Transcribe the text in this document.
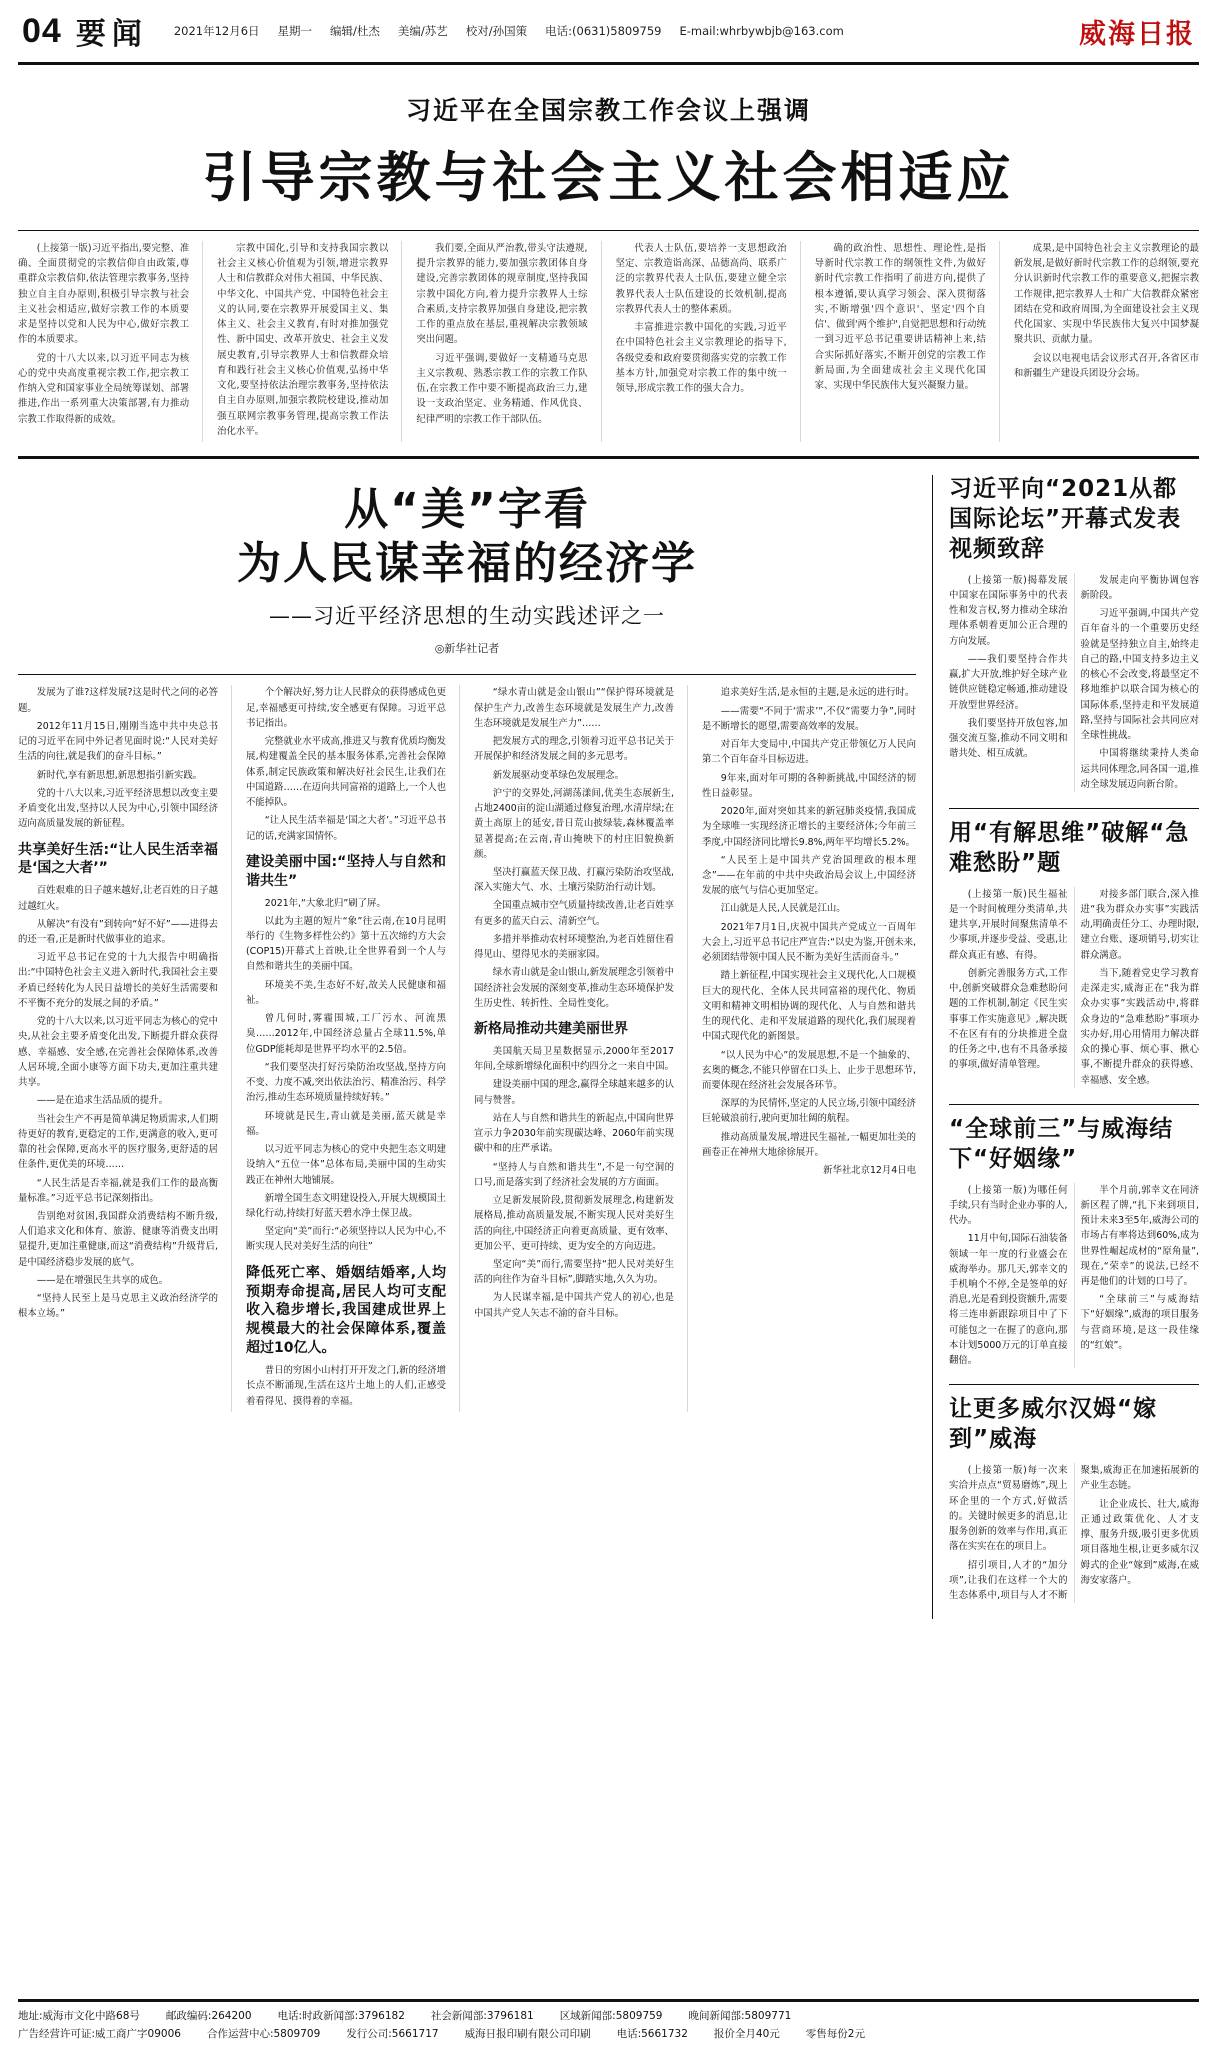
04 要闻 2021年12月6日 星期一 编辑/杜杰 美编/苏艺 校对/孙国策 电话:(0631)5809759 E-mail:whrbywbjb@163.com	威海日报
习近平在全国宗教工作会议上强调
引导宗教与社会主义社会相适应

(上接第一版)习近平指出,要完整、准确、全面贯彻党的宗教信仰自由政策,尊重群众宗教信仰,依法管理宗教事务,坚持独立自主自办原则,积极引导宗教与社会主义社会相适应,做好宗教工作的本质要求是坚持以党和人民为中心,做好宗教工作的本质要求。

党的十八大以来,以习近平同志为核心的党中央高度重视宗教工作,把宗教工作纳入党和国家事业全局统筹谋划、部署推进,作出一系列重大决策部署,有力推动宗教工作取得新的成效。

宗教中国化,引导和支持我国宗教以社会主义核心价值观为引领,增进宗教界人士和信教群众对伟大祖国、中华民族、中华文化、中国共产党、中国特色社会主义的认同,要在宗教界开展爱国主义、集体主义、社会主义教育,有时对推加强党性、新中国史、改革开放史、社会主义发展史教育,引导宗教界人士和信教群众培育和践行社会主义核心价值观,弘扬中华文化,要坚持依法治理宗教事务,坚持依法自主自办原则,加强宗教院校建设,推动加强互联网宗教事务管理,提高宗教工作法治化水平。

我们要,全面从严治教,带头守法遵规,提升宗教界的能力,要加强宗教团体自身建设,完善宗教团体的规章制度,坚持我国宗教中国化方向,着力提升宗教界人士综合素质,支持宗教界加强自身建设,把宗教工作的重点放在基层,重视解决宗教领域突出问题。

习近平强调,要做好一支精通马克思主义宗教观、熟悉宗教工作的宗教工作队伍,在宗教工作中要不断提高政治三力,建设一支政治坚定、业务精通、作风优良、纪律严明的宗教工作干部队伍。

代表人士队伍,要培养一支思想政治坚定、宗教造诣高深、品德高尚、联系广泛的宗教界代表人士队伍,要建立健全宗教界代表人士队伍建设的长效机制,提高宗教界代表人士的整体素质。

丰富推进宗教中国化的实践,习近平在中国特色社会主义宗教理论的指导下,各级党委和政府要贯彻落实党的宗教工作基本方针,加强党对宗教工作的集中统一领导,形成宗教工作的强大合力。

确的政治性、思想性、理论性,是指导新时代宗教工作的纲领性文件,为做好新时代宗教工作指明了前进方向,提供了根本遵循,要认真学习领会、深入贯彻落实,不断增强'四个意识'、坚定'四个自信'、做到'两个维护',自觉把思想和行动统一到习近平总书记重要讲话精神上来,结合实际抓好落实,不断开创党的宗教工作新局面,为全面建成社会主义现代化国家、实现中华民族伟大复兴凝聚力量。

成果,是中国特色社会主义宗教理论的最新发展,是做好新时代宗教工作的总纲领,要充分认识新时代宗教工作的重要意义,把握宗教工作规律,把宗教界人士和广大信教群众紧密团结在党和政府周围,为全面建设社会主义现代化国家、实现中华民族伟大复兴中国梦凝聚共识、贡献力量。

会议以电视电话会议形式召开,各省区市和新疆生产建设兵团设分会场。

从“美”字看
为人民谋幸福的经济学
——习近平经济思想的生动实践述评之一
◎新华社记者

发展为了谁?这样发展?这是时代之问的必答题。

2012年11月15日,刚刚当选中共中央总书记的习近平在同中外记者见面时说:“人民对美好生活的向往,就是我们的奋斗目标。”

新时代,享有新思想,新思想指引新实践。

党的十八大以来,习近平经济思想以改变主要矛盾变化出发,坚持以人民为中心,引领中国经济迈向高质量发展的新征程。

共享美好生活:“让人民生活幸福是‘国之大者’”

百姓艰难的日子越来越好,让老百姓的日子越过越红火。

从解决“有没有”到转向“好不好”——进得去的还一看,正是新时代做事业的追求。

习近平总书记在党的十九大报告中明确指出:“中国特色社会主义进入新时代,我国社会主要矛盾已经转化为人民日益增长的美好生活需要和不平衡不充分的发展之间的矛盾。”

党的十八大以来,以习近平同志为核心的党中央,从社会主要矛盾变化出发,下断提升群众获得感、幸福感、安全感,在完善社会保障体系,改善人居环境,全面小康等方面下功夫,更加注重共建共享。

——是在追求生活品质的提升。

当社会生产不再是简单满足物质需求,人们期待更好的教育,更稳定的工作,更满意的收入,更可靠的社会保障,更高水平的医疗服务,更舒适的居住条件,更优美的环境……

“人民生活是否幸福,就是我们工作的最高衡量标准。”习近平总书记深刻指出。

告别绝对贫困,我国群众消费结构不断升级,人们追求文化和体育、旅游、健康等消费支出明显提升,更加注重健康,而这“消费结构”升级背后,是中国经济稳步发展的底气。

——是在增强民生共享的成色。

“坚持人民至上是马克思主义政治经济学的根本立场。”

个个解决好,努力让人民群众的获得感成色更足,幸福感更可持续,安全感更有保障。习近平总书记指出。

完整就业水平成高,推进又与教育优质均衡发展,构建覆盖全民的基本服务体系,完善社会保障体系,制定民族政策和解决好社会民生,让我们在中国道路……在迈向共同富裕的道路上,一个人也不能掉队。

“让人民生活幸福是‘国之大者’。”习近平总书记的话,充满家国情怀。

建设美丽中国:“坚持人与自然和谐共生”

2021年,“大象北归”刷了屏。

以此为主题的短片“象”往云南,在10月昆明举行的《生物多样性公约》第十五次缔约方大会(COP15)开幕式上首映,让全世界看到一个人与自然和谐共生的美丽中国。

环境美不美,生态好不好,故关人民健康和福祉。

曾几何时,雾霾围城,工厂污水、河流黑臭……2012年,中国经济总量占全球11.5%,单位GDP能耗却是世界平均水平的2.5倍。

“我们要坚决打好污染防治攻坚战,坚持方向不变、力度不减,突出依法治污、精准治污、科学治污,推动生态环境质量持续好转。”

环境就是民生,青山就是美丽,蓝天就是幸福。

以习近平同志为核心的党中央把生态文明建设纳入“五位一体”总体布局,美丽中国的生动实践正在神州大地铺展。

新增全国生态文明建设投入,开展大规模国土绿化行动,持续打好蓝天碧水净土保卫战。

坚定向“美”而行:“必须坚持以人民为中心,不断实现人民对美好生活的向往”

降低死亡率、婚姻结婚率,人均预期寿命提高,居民人均可支配收入稳步增长,我国建成世界上规模最大的社会保障体系,覆盖超过10亿人。

普日的穷困小山村打开开发之门,新的经济增长点不断涌现,生活在这片土地上的人们,正感受着看得见、摸得着的幸福。

“绿水青山就是金山银山”“保护得环境就是保护生产力,改善生态环境就是发展生产力,改善生态环境就是发展生产力”……

把发展方式的理念,引领着习近平总书记关于开展保护和经济发展之间的多元思考。

新发展驱动变革绿色发展理念。

沪宁的交界处,河湖荡漾间,优美生态展新生,占地2400亩的淀山湖通过修复治理,水清岸绿;在黄土高原上的延安,昔日荒山披绿装,森林覆盖率显著提高;在云南,青山掩映下的村庄旧貌换新颜。

坚决打赢蓝天保卫战、打赢污染防治攻坚战,深入实施大气、水、土壤污染防治行动计划。

全国重点城市空气质量持续改善,让老百姓享有更多的蓝天白云、清新空气。

多措并举推动农村环境整治,为老百姓留住看得见山、望得见水的美丽家园。

绿水青山就是金山银山,新发展理念引领着中国经济社会发展的深刻变革,推动生态环境保护发生历史性、转折性、全局性变化。

新格局推动共建美丽世界

美国航天局卫星数据显示,2000年至2017年间,全球新增绿化面积中约四分之一来自中国。

建设美丽中国的理念,赢得全球越来越多的认同与赞誉。

站在人与自然和谐共生的新起点,中国向世界宣示力争2030年前实现碳达峰、2060年前实现碳中和的庄严承诺。

“坚持人与自然和谐共生”,不是一句空洞的口号,而是落实到了经济社会发展的方方面面。

立足新发展阶段,贯彻新发展理念,构建新发展格局,推动高质量发展,不断实现人民对美好生活的向往,中国经济正向着更高质量、更有效率、更加公平、更可持续、更为安全的方向迈进。

坚定向“美”而行,需要坚持“把人民对美好生活的向往作为奋斗目标”,脚踏实地,久久为功。

为人民谋幸福,是中国共产党人的初心,也是中国共产党人矢志不渝的奋斗目标。

追求美好生活,是永恒的主题,是永远的进行时。

——需要“不同于‘需求’”,不仅“需要力争”,同时是不断增长的愿望,需要高效率的发展。

对百年大变局中,中国共产党正带领亿万人民向第二个百年奋斗目标迈进。

9年来,面对年可期的各种新挑战,中国经济的韧性日益彰显。

2020年,面对突如其来的新冠肺炎疫情,我国成为全球唯一实现经济正增长的主要经济体;今年前三季度,中国经济同比增长9.8%,两年平均增长5.2%。

“人民至上是中国共产党治国理政的根本理念”——在年前的中共中央政治局会议上,中国经济发展的底气与信心更加坚定。

江山就是人民,人民就是江山。

2021年7月1日,庆祝中国共产党成立一百周年大会上,习近平总书记庄严宣告:“以史为鉴,开创未来,必须团结带领中国人民不断为美好生活而奋斗。”

踏上新征程,中国实现社会主义现代化,人口规模巨大的现代化、全体人民共同富裕的现代化、物质文明和精神文明相协调的现代化、人与自然和谐共生的现代化、走和平发展道路的现代化,我们展现着中国式现代化的新图景。

“以人民为中心”的发展思想,不是一个抽象的、玄奥的概念,不能只停留在口头上、止步于思想环节,而要体现在经济社会发展各环节。

深厚的为民情怀,坚定的人民立场,引领中国经济巨轮破浪前行,驶向更加壮阔的航程。

推动高质量发展,增进民生福祉,一幅更加壮美的画卷正在神州大地徐徐展开。

新华社北京12月4日电

习近平向“2021从都国际论坛”开幕式发表视频致辞

(上接第一版)揭幕发展中国家在国际事务中的代表性和发言权,努力推动全球治理体系朝着更加公正合理的方向发展。

——我们要坚持合作共赢,扩大开放,维护好全球产业链供应链稳定畅通,推动建设开放型世界经济。

我们要坚持开放包容,加强交流互鉴,推动不同文明和谐共处、相互成就。

发展走向平衡协调包容新阶段。

习近平强调,中国共产党百年奋斗的一个重要历史经验就是坚持独立自主,始终走自己的路,中国支持多边主义的核心不会改变,将最坚定不移地维护以联合国为核心的国际体系,坚持走和平发展道路,坚持与国际社会共同应对全球性挑战。

中国将继续秉持人类命运共同体理念,同各国一道,推动全球发展迈向新台阶。

用“有解思维”破解“急难愁盼”题

(上接第一版)民生福祉是一个时间梳理分类清单,共建共享,开展时间聚焦清单不少事项,并逐步受益、受惠,让群众真正有感、有得。

创新完善服务方式,工作中,创新突破群众急难愁盼问题的工作机制,制定《民生实事事工作实施意见》,解决既不在区有有的分块推进全盘的任务之中,也有不具备承接的事项,做好清单管理。

对接多部门联合,深入推进“我为群众办实事”实践活动,明确责任分工、办理时限,建立台账、逐项销号,切实让群众满意。

当下,随着党史学习教育走深走实,威海正在“我为群众办实事”实践活动中,将群众身边的“急难愁盼”事项办实办好,用心用情用力解决群众的操心事、烦心事、揪心事,不断提升群众的获得感、幸福感、安全感。

“全球前三”与威海结下“好姻缘”

(上接第一版)为哪任何手续,只有当时企业办事的人,代办。

11月中旬,国际石油装备领域一年一度的行业盛会在威海举办。那几天,郭幸文的手机响个不停,全是签单的好消息,光是看到投资额升,需要将三连串新跟踪项目中了下可能包之一在握了的意向,那本计划5000万元的订单直接翻倍。

半个月前,郭幸文在同济新区程了牌,“扎下来到项目,预计未来3至5年,威海公司的市场占有率将达到60%,成为世界性崛起成材的“原角量”,现在,“荣幸”的说法,已经不再是他们的计划的口号了。

“全球前三”与威海结下“好姻缘”,威海的项目服务与营商环境,是这一段佳缘的“红娘”。

让更多威尔汉姆“嫁到”威海

(上接第一版)每一次来实洽并点点“贸易磨炼”,现上环企里的一个方式,好做活的。关键时候更多的消息,让服务创新的效率与作用,真正落在实实在在的项目上。

招引项目,人才的“加分项”,让我们在这样一个大的生态体系中,项目与人才不断聚集,威海正在加速拓展新的产业生态链。

让企业成长、壮大,威海正通过政策优化、人才支撑、服务升级,吸引更多优质项目落地生根,让更多威尔汉姆式的企业“嫁到”威海,在威海安家落户。

地址:威海市文化中路68号 邮政编码:264200 电话:时政新闻部:3796182 社会新闻部:3796181 区域新闻部:5809759 晚间新闻部:5809771
广告经营许可证:威工商广字09006 合作运营中心:5809709 发行公司:5661717 威海日报印刷有限公司印刷 电话:5661732 报价全月40元 零售每份2元
